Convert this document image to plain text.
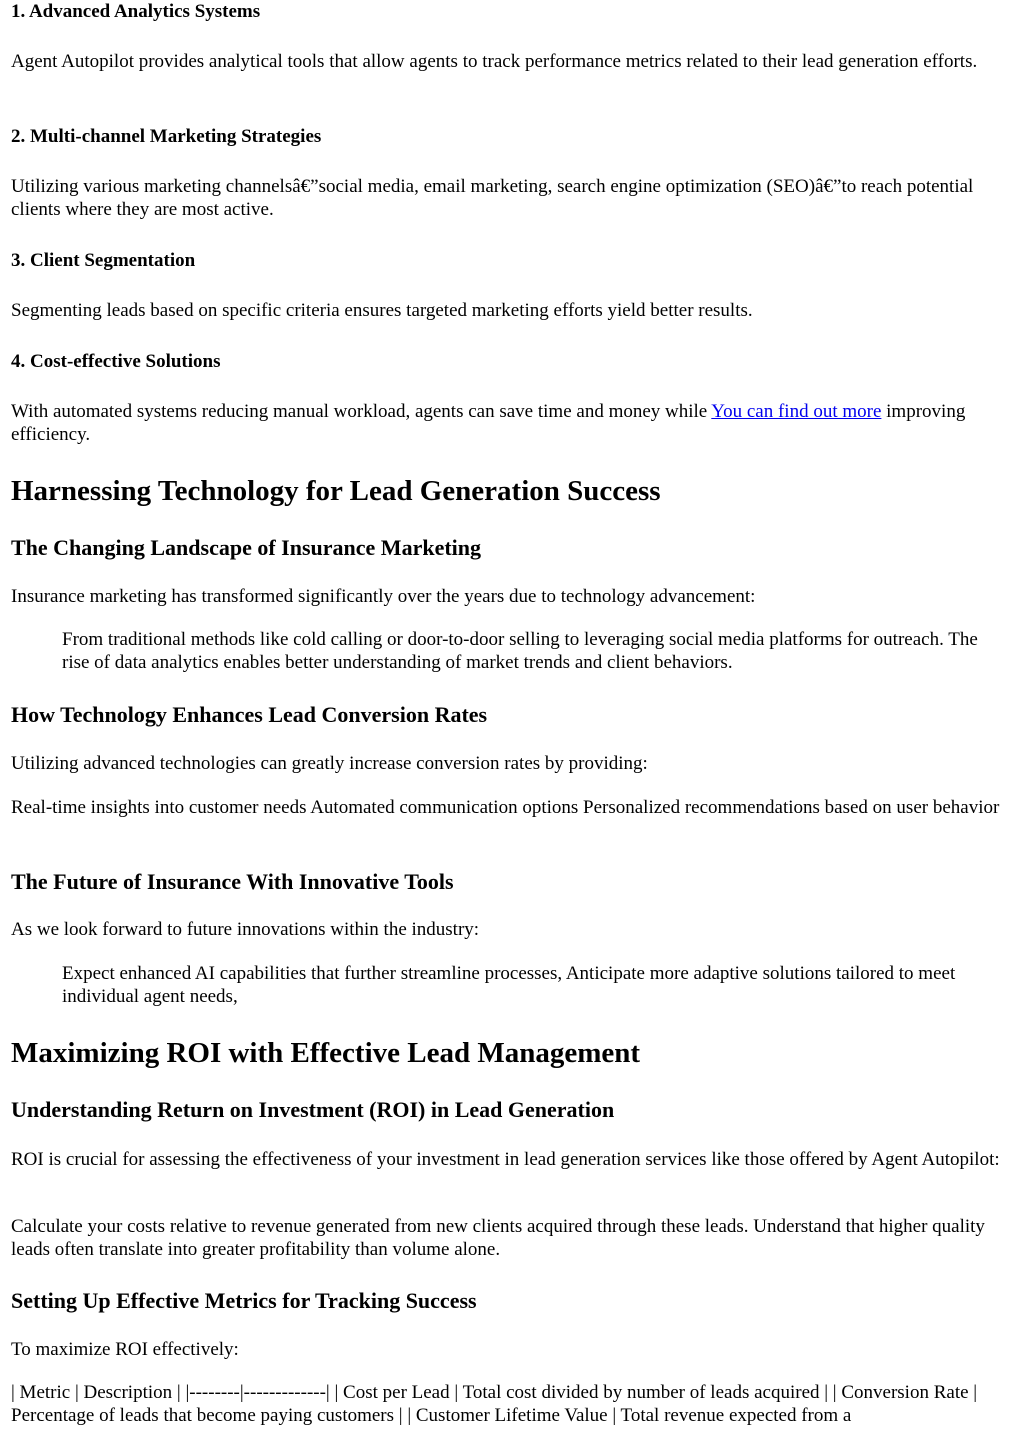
1. Advanced Analytics Systems

Agent Autopilot provides analytical tools that allow agents to track performance metrics related to their lead generation efforts.

2. Multi-channel Marketing Strategies

Utilizing various marketing channelsâ€”social media, email marketing, search engine optimization (SEO)â€”to reach potential clients where they are most active.

3. Client Segmentation

Segmenting leads based on specific criteria ensures targeted marketing efforts yield better results.

4. Cost-effective Solutions

With automated systems reducing manual workload, agents can save time and money while You can find out more improving efficiency.

Harnessing Technology for Lead Generation Success
The Changing Landscape of Insurance Marketing

Insurance marketing has transformed significantly over the years due to technology advancement:

From traditional methods like cold calling or door-to-door selling to leveraging social media platforms for outreach. The rise of data analytics enables better understanding of market trends and client behaviors.

How Technology Enhances Lead Conversion Rates

Utilizing advanced technologies can greatly increase conversion rates by providing:

Real-time insights into customer needs Automated communication options Personalized recommendations based on user behavior

The Future of Insurance With Innovative Tools

As we look forward to future innovations within the industry:

Expect enhanced AI capabilities that further streamline processes, Anticipate more adaptive solutions tailored to meet individual agent needs,

Maximizing ROI with Effective Lead Management
Understanding Return on Investment (ROI) in Lead Generation

ROI is crucial for assessing the effectiveness of your investment in lead generation services like those offered by Agent Autopilot:

Calculate your costs relative to revenue generated from new clients acquired through these leads. Understand that higher quality leads often translate into greater profitability than volume alone.

Setting Up Effective Metrics for Tracking Success

To maximize ROI effectively:

| Metric | Description | |--------|-------------| | Cost per Lead | Total cost divided by number of leads acquired | | Conversion Rate | Percentage of leads that become paying customers | | Customer Lifetime Value | Total revenue expected from a
